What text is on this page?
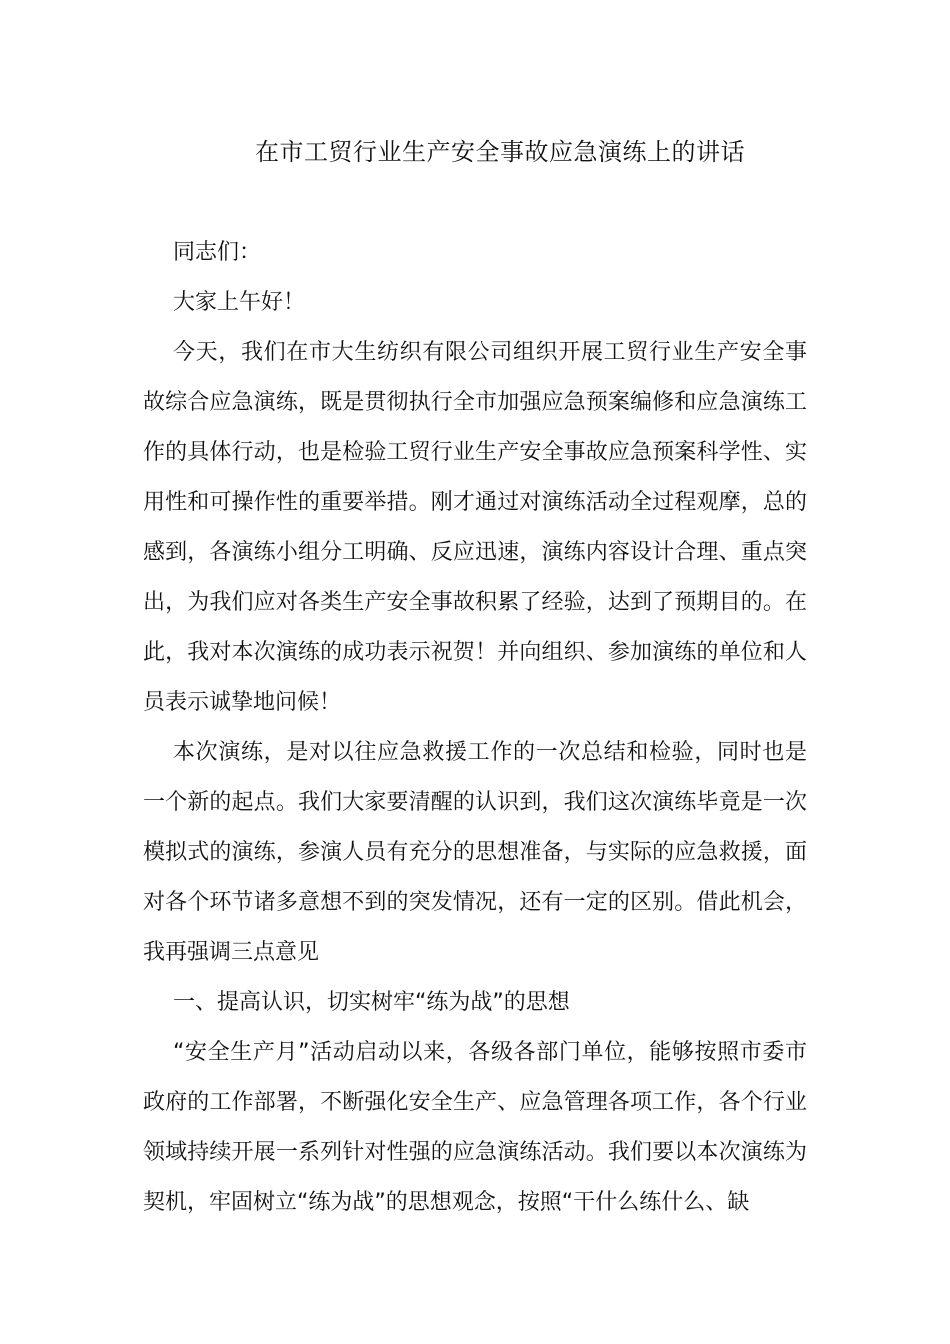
在市工贸行业生产安全事故应急演练上的讲话

同志们：

大家上午好！

今天，我们在市大生纺织有限公司组织开展工贸行业生产安全事故综合应急演练，既是贯彻执行全市加强应急预案编修和应急演练工作的具体行动，也是检验工贸行业生产安全事故应急预案科学性、实用性和可操作性的重要举措。刚才通过对演练活动全过程观摩，总的感到，各演练小组分工明确、反应迅速，演练内容设计合理、重点突出，为我们应对各类生产安全事故积累了经验，达到了预期目的。在此，我对本次演练的成功表示祝贺！并向组织、参加演练的单位和人员表示诚挚地问候！

本次演练，是对以往应急救援工作的一次总结和检验，同时也是一个新的起点。我们大家要清醒的认识到，我们这次演练毕竟是一次模拟式的演练，参演人员有充分的思想准备，与实际的应急救援，面对各个环节诸多意想不到的突发情况，还有一定的区别。借此机会，我再强调三点意见

一、提高认识，切实树牢“练为战”的思想

“安全生产月”活动启动以来，各级各部门单位，能够按照市委市政府的工作部署，不断强化安全生产、应急管理各项工作，各个行业领域持续开展一系列针对性强的应急演练活动。我们要以本次演练为契机，牢固树立“练为战”的思想观念，按照“干什么练什么、缺
